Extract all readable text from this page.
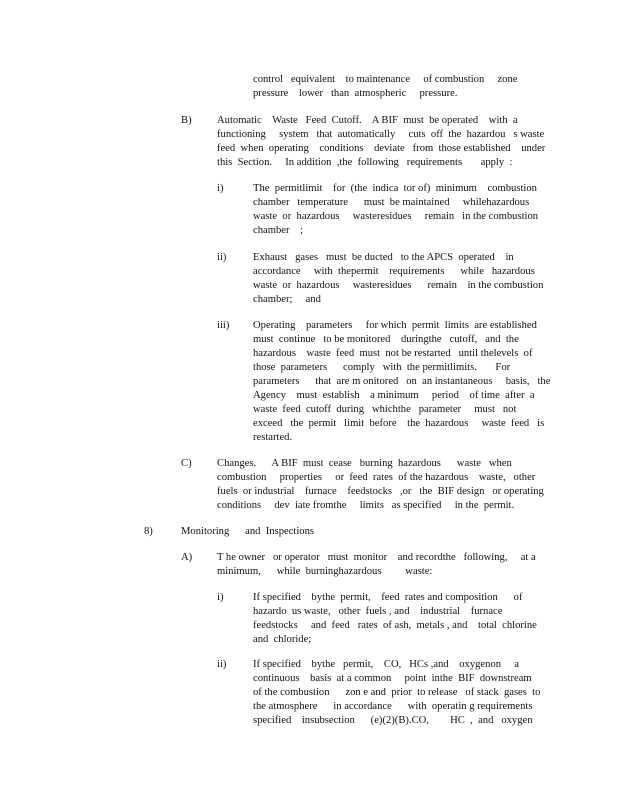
control   equivalent    to maintenance     of combustion     zone
pressure    lower   than  atmospheric     pressure.
B) Automatic    Waste   Feed  Cutoff.    A BIF  must  be operated    with  a
functioning     system   that  automatically     cuts  off  the  hazardou   s waste
feed  when  operating    conditions    deviate   from  those established    under
this  Section.     In addition  ,the  following   requirements       apply  :
i)	The  permitlimit    for  (the  indica  tor of)  minimum    combustion
chamber   temperature      must  be maintained     whilehazardous
waste  or  hazardous     wasteresidues     remain   in the combustion
chamber    ;
ii)	Exhaust   gases   must  be ducted   to the APCS  operated    in
accordance     with  thepermit    requirements      while   hazardous
waste  or  hazardous     wasteresidues      remain    in the combustion
chamber;     and
iii) Operating    parameters     for which  permit  limits  are established
must  continue   to be monitored    duringthe   cutoff,   and  the
hazardous    waste  feed  must  not be restarted   until thelevels  of
those  parameters      comply   with  the permitlimits.       For
parameters      that  are m onitored   on  an instantaneous     basis,   the
Agency    must  establish    a minimum     period    of time  after  a
waste  feed  cutoff  during   whichthe   parameter     must   not
exceed   the  permit   limit  before    the  hazardous     waste  feed   is
restarted.
C) Changes.      A BIF  must  cease   burning  hazardous      waste   when
combustion     properties     or  feed  rates  of the hazardous    waste,   other
fuels  or industrial    furnace    feedstocks   ,or   the  BIF design   or operating
conditions     dev  iate fromthe     limits   as specified     in the  permit.
8)	Monitoring      and  Inspections
A) T he owner   or operator   must  monitor    and recordthe   following,     at a
minimum,      while  burninghazardous         waste:
i)	If specified    bythe  permit,    feed  rates and composition      of
hazardo  us waste,   other  fuels , and    industrial    furnace
feedstocks     and  feed   rates  of ash,  metals , and    total  chlorine
and  chloride;
ii)	If specified    bythe   permit,    CO,   HCs ,and    oxygenon     a
continuous    basis  at a common     point  inthe  BIF  downstream
of the combustion      zon e and  prior  to release   of stack  gases  to
the atmosphere      in accordance      with  operatin g requirements
specified    insubsection      (e)(2)(B).CO,        HC  ,  and   oxygen
